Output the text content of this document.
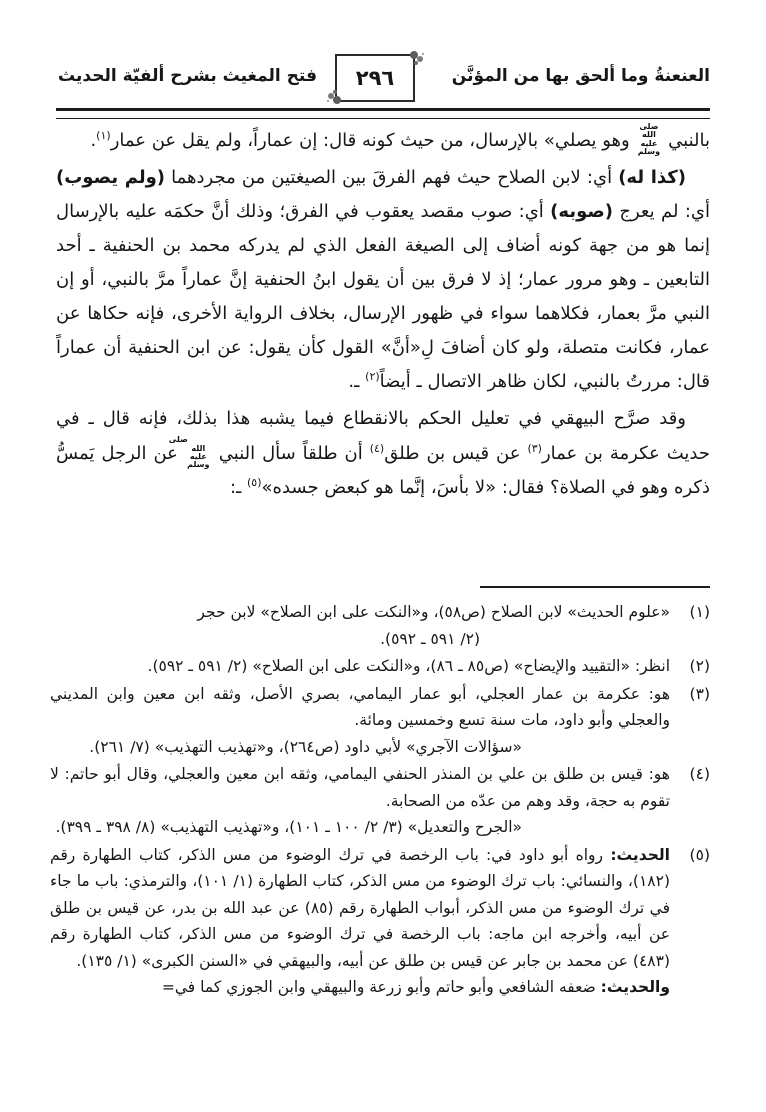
العنعنةُ وما ألحق بها من المؤنَّن
٢٩٦
فتح المغيث بشرح ألفيّة الحديث

بالنبي صلى الله عليه وسلم وهو يصلي» بالإرسال، من حيث كونه قال: إن عماراً، ولم يقل عن عمار$^{(١)}$.

(كذا له) أي: لابن الصلاح حيث فهم الفرقَ بين الصيغتين من مجردهما (ولم يصوب) أي: لم يعرج (صوبه) أي: صوب مقصد يعقوب في الفرق؛ وذلك أنَّ حكمَه عليه بالإرسال إنما هو من جهة كونه أضاف إلى الصيغة الفعل الذي لم يدركه محمد بن الحنفية ـ أحد التابعين ـ وهو مرور عمار؛ إذ لا فرق بين أن يقول ابنُ الحنفية إنَّ عماراً مرَّ بالنبي، أو إن النبي مرَّ بعمار، فكلاهما سواء في ظهور الإرسال، بخلاف الرواية الأخرى، فإنه حكاها عن عمار، فكانت متصلة، ولو كان أضافَ لِ«أنَّ» القول كأن يقول: عن ابن الحنفية أن عماراً قال: مررتُ بالنبي، لكان ظاهر الاتصال ـ أيضاً$^{(٢)}$ ـ.

وقد صرَّح البيهقي في تعليل الحكم بالانقطاع فيما يشبه هذا بذلك، فإنه قال ـ في حديث عكرمة بن عمار$^{(٣)}$ عن قيس بن طلق$^{(٤)}$ أن طلقاً سأل النبي صلى الله عليه وسلم عن الرجل يَمسُّ ذكره وهو في الصلاة؟ فقال: «لا بأسَ، إنَّما هو كبعض جسده»$^{(٥)}$ ـ:

(١)
«علوم الحديث» لابن الصلاح (ص٥٨)، و«النكت على ابن الصلاح» لابن حجر
(٢/ ٥٩١ ـ ٥٩٢).
(٢)
انظر: «التقييد والإيضاح» (ص٨٥ ـ ٨٦)، و«النكت على ابن الصلاح» (٢/ ٥٩١ ـ ٥٩٢).
(٣)
هو: عكرمة بن عمار العجلي، أبو عمار اليمامي، بصري الأصل، وثقه ابن معين وابن المديني والعجلي وأبو داود، مات سنة تسع وخمسين ومائة.
«سؤالات الآجري» لأبي داود (ص٢٦٤)، و«تهذيب التهذيب» (٧/ ٢٦١).
(٤)
هو: قيس بن طلق بن علي بن المنذر الحنفي اليمامي، وثقه ابن معين والعجلي، وقال أبو حاتم: لا تقوم به حجة، وقد وهم من عدّه من الصحابة.
«الجرح والتعديل» (٣/ ٢/ ١٠٠ ـ ١٠١)، و«تهذيب التهذيب» (٨/ ٣٩٨ ـ ٣٩٩).
(٥)
الحديث: رواه أبو داود في: باب الرخصة في ترك الوضوء من مس الذكر، كتاب الطهارة رقم (١٨٢)، والنسائي: باب ترك الوضوء من مس الذكر، كتاب الطهارة (١/ ١٠١)، والترمذي: باب ما جاء في ترك الوضوء من مس الذكر، أبواب الطهارة رقم (٨٥) عن عبد الله بن بدر، عن قيس بن طلق عن أبيه، وأخرجه ابن ماجه: باب الرخصة في ترك الوضوء من مس الذكر، كتاب الطهارة رقم (٤٨٣) عن محمد بن جابر عن قيس بن طلق عن أبيه، والبيهقي في «السنن الكبرى» (١/ ١٣٥).
والحديث: ضعفه الشافعي وأبو حاتم وأبو زرعة والبيهقي وابن الجوزي كما في=
